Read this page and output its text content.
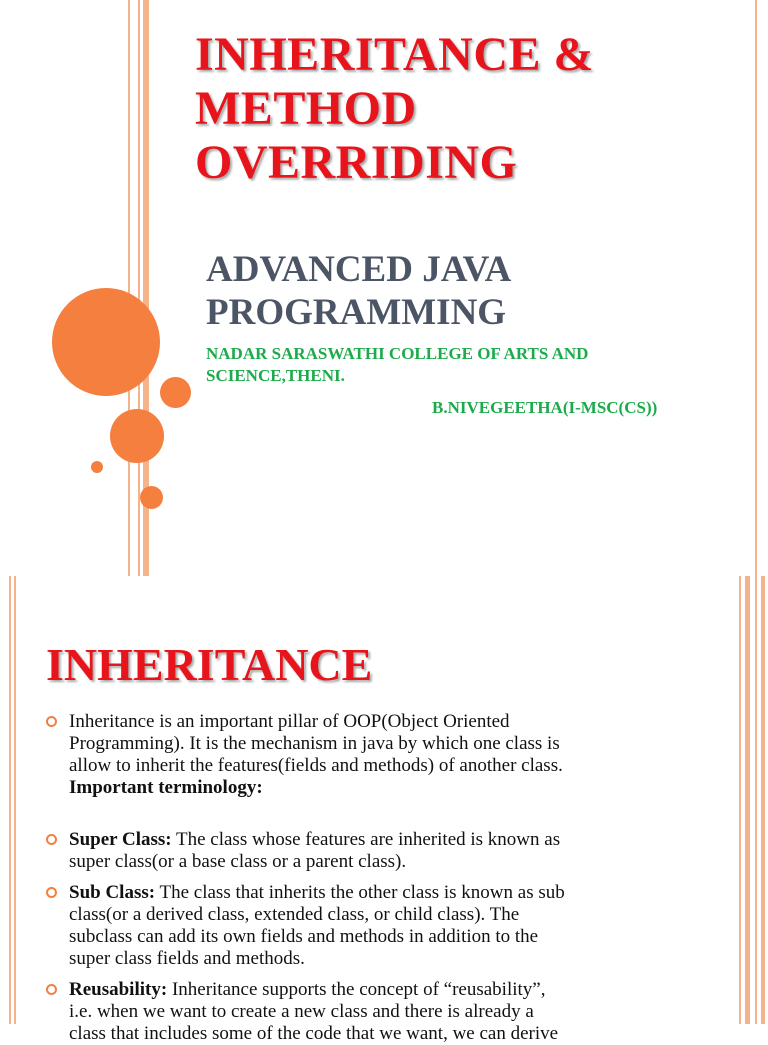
INHERITANCE &
METHOD
OVERRIDING
ADVANCED JAVA
PROGRAMMING

NADAR SARASWATHI COLLEGE OF ARTS AND
SCIENCE,THENI.

B.NIVEGEETHA(I-MSC(CS))

INHERITANCE
Inheritance is an important pillar of OOP(Object Oriented
Programming). It is the mechanism in java by which one class is
allow to inherit the features(fields and methods) of another class.
Important terminology:
Super Class: The class whose features are inherited is known as
super class(or a base class or a parent class).
Sub Class: The class that inherits the other class is known as sub
class(or a derived class, extended class, or child class). The
subclass can add its own fields and methods in addition to the
super class fields and methods.
Reusability: Inheritance supports the concept of “reusability”,
i.e. when we want to create a new class and there is already a
class that includes some of the code that we want, we can derive
